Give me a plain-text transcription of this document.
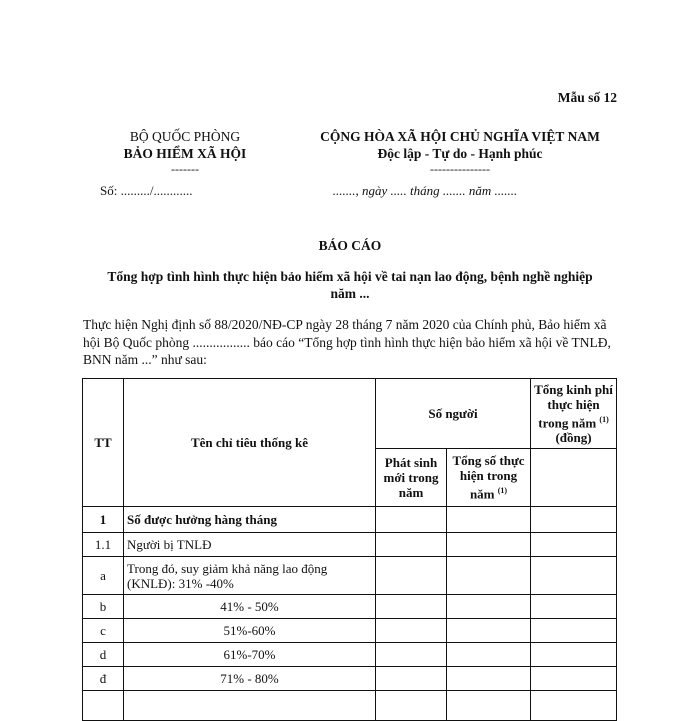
Mẫu số 12
BỘ QUỐC PHÒNG
BẢO HIỂM XÃ HỘI
-------
CỘNG HÒA XÃ HỘI CHỦ NGHĨA VIỆT NAM
Độc lập - Tự do - Hạnh phúc
---------------
Số: ........./............	......., ngày ..... tháng ....... năm .......
BÁO CÁO
Tổng hợp tình hình thực hiện bảo hiểm xã hội về tai nạn lao động, bệnh nghề nghiệp
năm ...
Thực hiện Nghị định số 88/2020/NĐ-CP ngày 28 tháng 7 năm 2020 của Chính phủ, Bảo hiểm xã hội Bộ Quốc phòng ................. báo cáo “Tổng hợp tình hình thực hiện bảo hiểm xã hội về TNLĐ, BNN năm ...” như sau:
TT	Tên chỉ tiêu thống kê	Số người		Tổng kinh phí thực hiện trong năm $^{(1)}$ (đồng)
		Phát sinh mới trong năm	Tổng số thực hiện trong năm $^{(1)}$	
1	Số được hưởng hàng tháng			
1.1	Người bị TNLĐ			
a	Trong đó, suy giảm khả năng lao động (KNLĐ): 31% -40%			
b	41% - 50%			
c	51%-60%			
d	61%-70%			
đ	71% - 80%			
